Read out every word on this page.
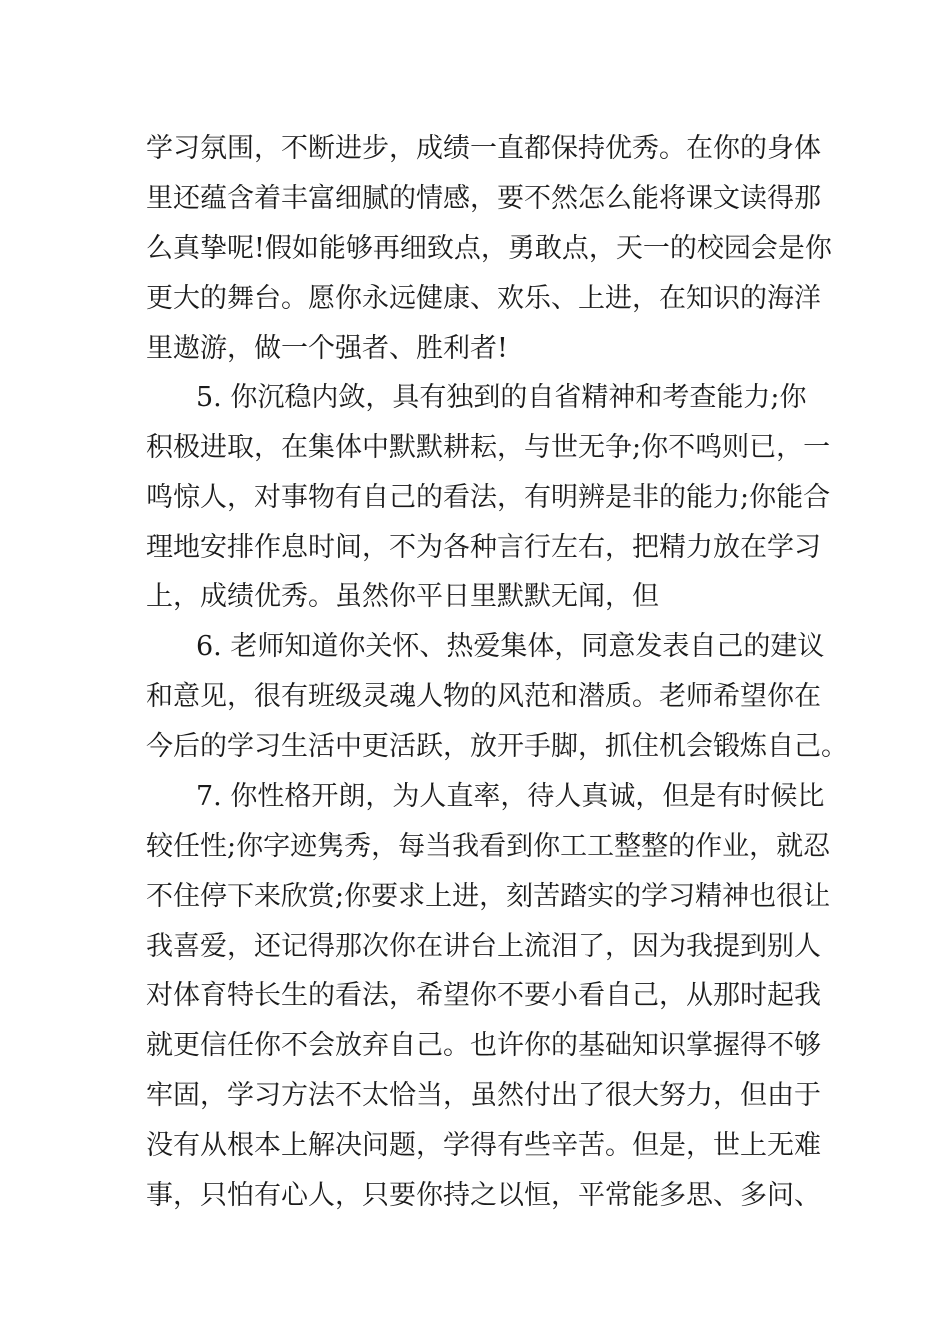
学习氛围，不断进步，成绩一直都保持优秀。在你的身体
里还蕴含着丰富细腻的情感，要不然怎么能将课文读得那
么真挚呢!假如能够再细致点，勇敢点，天一的校园会是你
更大的舞台。愿你永远健康、欢乐、上进，在知识的海洋
里遨游，做一个强者、胜利者!
5. 你沉稳内敛，具有独到的自省精神和考查能力;你
积极进取，在集体中默默耕耘，与世无争;你不鸣则已，一
鸣惊人，对事物有自己的看法，有明辨是非的能力;你能合
理地安排作息时间，不为各种言行左右，把精力放在学习
上，成绩优秀。虽然你平日里默默无闻，但
6. 老师知道你关怀、热爱集体，同意发表自己的建议
和意见，很有班级灵魂人物的风范和潜质。老师希望你在
今后的学习生活中更活跃，放开手脚，抓住机会锻炼自己。
7. 你性格开朗，为人直率，待人真诚，但是有时候比
较任性;你字迹隽秀，每当我看到你工工整整的作业，就忍
不住停下来欣赏;你要求上进，刻苦踏实的学习精神也很让
我喜爱，还记得那次你在讲台上流泪了，因为我提到别人
对体育特长生的看法，希望你不要小看自己，从那时起我
就更信任你不会放弃自己。也许你的基础知识掌握得不够
牢固，学习方法不太恰当，虽然付出了很大努力，但由于
没有从根本上解决问题，学得有些辛苦。但是，世上无难
事，只怕有心人，只要你持之以恒，平常能多思、多问、
